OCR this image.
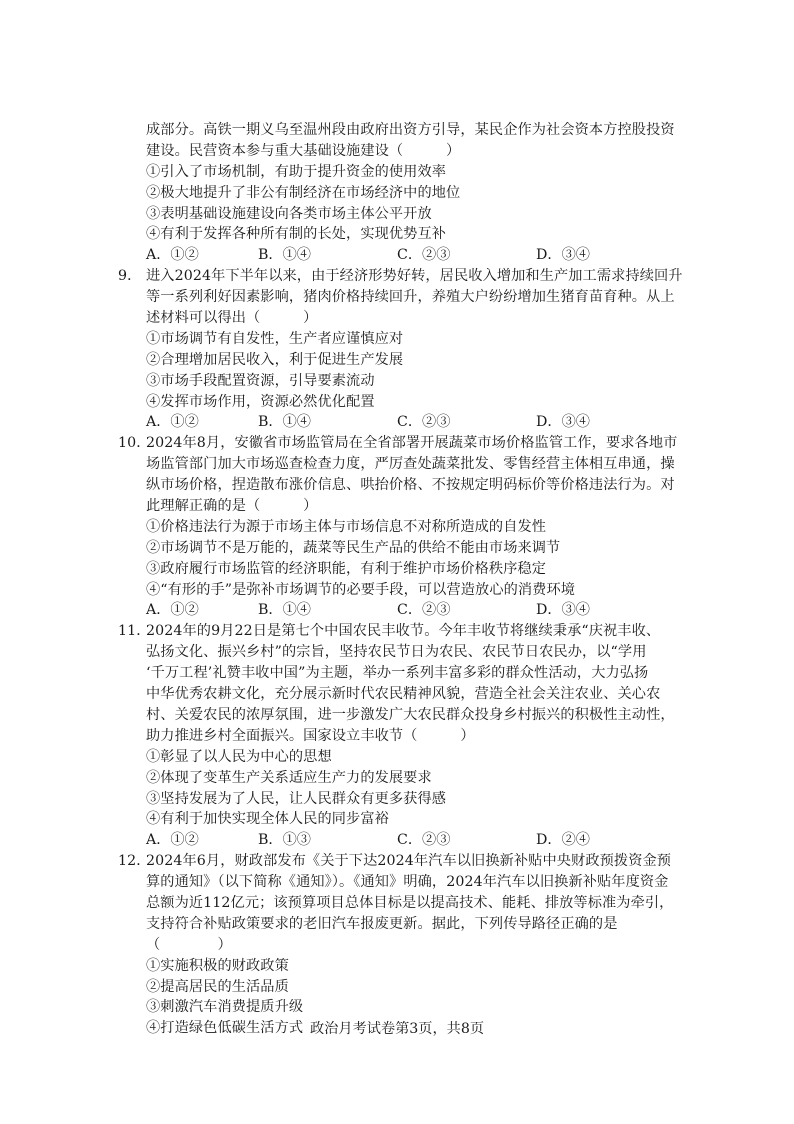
成部分。高铁一期义乌至温州段由政府出资方引导，某民企作为社会资本方控股投资
建设。民营资本参与重大基础设施建设（　　　）
①引入了市场机制，有助于提升资金的使用效率
②极大地提升了非公有制经济在市场经济中的地位
③表明基础设施建设向各类市场主体公平开放
④有利于发挥各种所有制的长处，实现优势互补
A．①②	B．①④	C．②③	D．③④
9． 进入2024年下半年以来，由于经济形势好转，居民收入增加和生产加工需求持续回升
等一系列利好因素影响，猪肉价格持续回升，养殖大户纷纷增加生猪育苗育种。从上
述材料可以得出（　　　）
①市场调节有自发性，生产者应谨慎应对
②合理增加居民收入，利于促进生产发展
③市场手段配置资源，引导要素流动
④发挥市场作用，资源必然优化配置
A．①②	B．①④	C．②③	D．③④
10．2024年8月，安徽省市场监管局在全省部署开展蔬菜市场价格监管工作，要求各地市
场监管部门加大市场巡查检查力度，严厉查处蔬菜批发、零售经营主体相互串通，操
纵市场价格，捏造散布涨价信息、哄抬价格、不按规定明码标价等价格违法行为。对
此理解正确的是（　　　）
①价格违法行为源于市场主体与市场信息不对称所造成的自发性
②市场调节不是万能的，蔬菜等民生产品的供给不能由市场来调节
③政府履行市场监管的经济职能，有利于维护市场价格秩序稳定
④“有形的手”是弥补市场调节的必要手段，可以营造放心的消费环境
A．①②	B．①④	C．②③	D．③④
11．2024年的9月22日是第七个中国农民丰收节。今年丰收节将继续秉承“庆祝丰收、
弘扬文化、振兴乡村”的宗旨，坚持农民节日为农民、农民节日农民办，以“学用
‘千万工程’礼赞丰收中国”为主题，举办一系列丰富多彩的群众性活动，大力弘扬
中华优秀农耕文化，充分展示新时代农民精神风貌，营造全社会关注农业、关心农
村、关爱农民的浓厚氛围，进一步激发广大农民群众投身乡村振兴的积极性主动性，
助力推进乡村全面振兴。国家设立丰收节（　　　）
①彰显了以人民为中心的思想
②体现了变革生产关系适应生产力的发展要求
③坚持发展为了人民，让人民群众有更多获得感
④有利于加快实现全体人民的同步富裕
A．①②	B．①③	C．②③	D．②④
12．2024年6月，财政部发布《关于下达2024年汽车以旧换新补贴中央财政预拨资金预
算的通知》（以下简称《通知》）。《通知》明确，2024年汽车以旧换新补贴年度资金
总额为近112亿元；该预算项目总体目标是以提高技术、能耗、排放等标准为牵引，
支持符合补贴政策要求的老旧汽车报废更新。据此，下列传导路径正确的是
（　　　　）
①实施积极的财政政策
②提高居民的生活品质
③刺激汽车消费提质升级
④打造绿色低碳生活方式 政治月考试卷第3页，共8页
